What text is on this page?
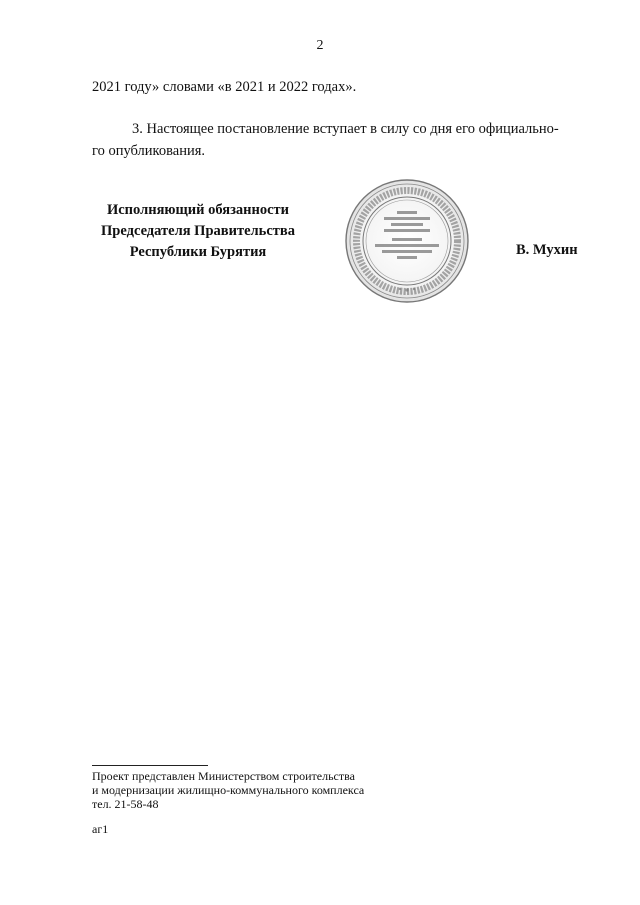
2
2021 году» словами «в 2021 и 2022 годах».
3. Настоящее постановление вступает в силу со дня его официально-
го опубликования.
Исполняющий обязанности
Председателя Правительства
Республики Бурятия	В. Мухин
Проект представлен Министерством строительства
и модернизации жилищно-коммунального комплекса
тел. 21-58-48
аг1
